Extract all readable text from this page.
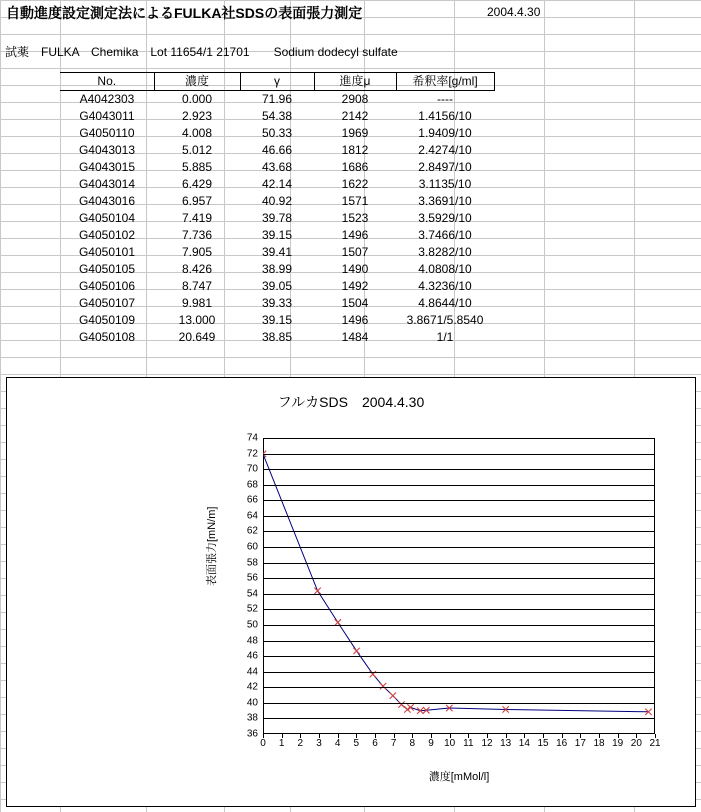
自動進度設定測定法によるFULKA社SDSの表面張力測定	2004.4.30
試薬　FULKA　Chemika　Lot 11654/1 21701　　Sodium dodecyl sulfate
No.	濃度	γ	進度μ	希釈率[g/ml]
A4042303	0.000	71.96	2908	----
G4043011	2.923	54.38	2142	1.4156/10
G4050110	4.008	50.33	1969	1.9409/10
G4043013	5.012	46.66	1812	2.4274/10
G4043015	5.885	43.68	1686	2.8497/10
G4043014	6.429	42.14	1622	3.1135/10
G4043016	6.957	40.92	1571	3.3691/10
G4050104	7.419	39.78	1523	3.5929/10
G4050102	7.736	39.15	1496	3.7466/10
G4050101	7.905	39.41	1507	3.8282/10
G4050105	8.426	38.99	1490	4.0808/10
G4050106	8.747	39.05	1492	4.3236/10
G4050107	9.981	39.33	1504	4.8644/10
G4050109	13.000	39.15	1496	3.8671/5.8540
G4050108	20.649	38.85	1484	1/1
フルカSDS　2004.4.30
表面張力[mN/m]
濃度[mMol/l]
36
38
40
42
44
46
48
50
52
54
56
58
60
62
64
66
68
70
72
74
0 1 2 3 4 5 6 7 8 9 10 11 12 13 14 15 16 17 18 19 20 21
